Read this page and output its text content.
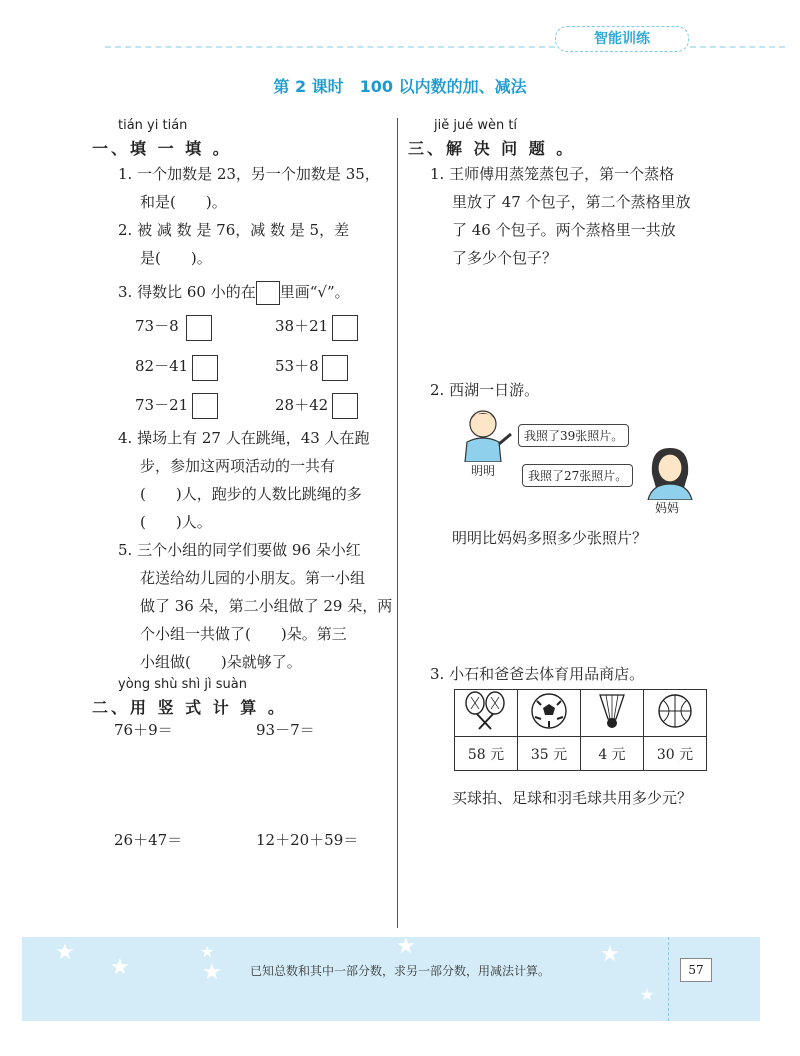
智能训练
第 2 课时　100 以内数的加、减法
tián yi tián
一、填 一 填 。
1. 一个加数是 23，另一个加数是 35，
和是(　　)。
2. 被 减 数 是 76，减 数 是 5，差
是(　　)。
3. 得数比 60 小的在 里画“√”。
73－8	38＋21
82－41	53＋8
73－21	28＋42
4. 操场上有 27 人在跳绳，43 人在跑
步，参加这两项活动的一共有
(　　)人，跑步的人数比跳绳的多
(　　)人。
5. 三个小组的同学们要做 96 朵小红
花送给幼儿园的小朋友。第一小组
做了 36 朵，第二小组做了 29 朵，两
个小组一共做了(　　)朵。第三
小组做(　　)朵就够了。
yòng shù shì jì suàn
二、用 竖 式 计 算 。
76＋9＝	93－7＝
26＋47＝	12＋20＋59＝
jiě jué wèn tí
三、解 决 问 题 。
1. 王师傅用蒸笼蒸包子，第一个蒸格
里放了 47 个包子，第二个蒸格里放
了 46 个包子。两个蒸格里一共放
了多少个包子？
2. 西湖一日游。
我照了39张照片。
明明	我照了27张照片。
妈妈
明明比妈妈多照多少张照片？
3. 小石和爸爸去体育用品商店。

58 元	35 元	4 元	30 元
买球拍、足球和羽毛球共用多少元？
★
★
★
★
★	★
★
已知总数和其中一部分数，求另一部分数，用减法计算。	57
